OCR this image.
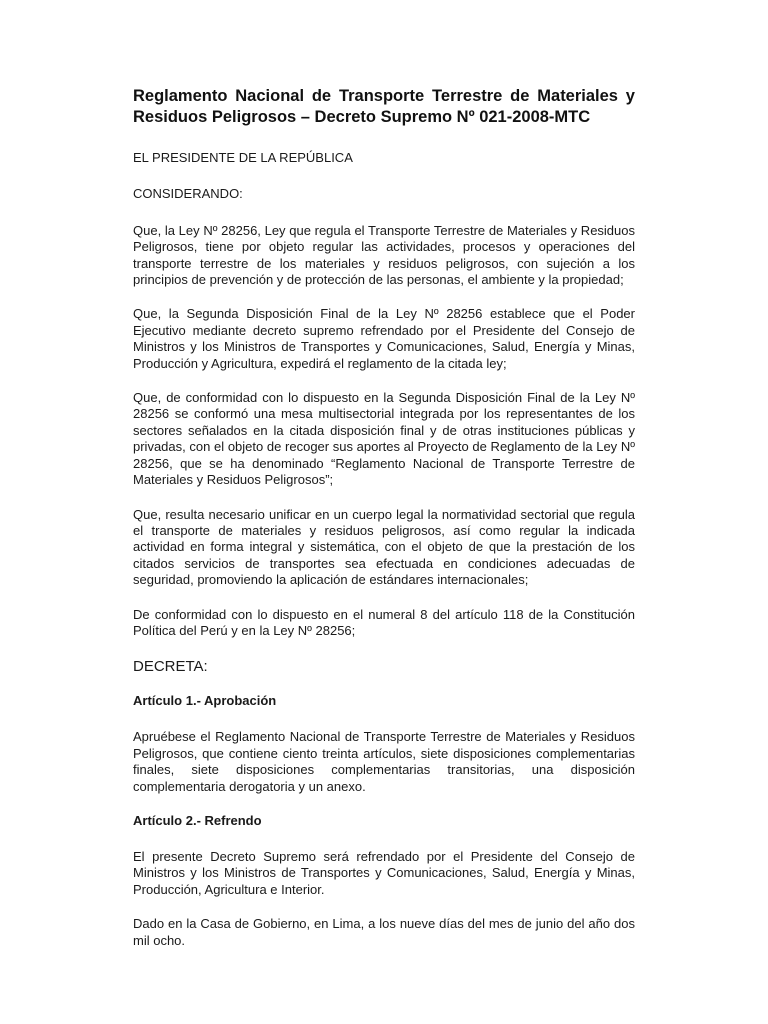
Reglamento Nacional de Transporte Terrestre de Materiales y Residuos Peligrosos – Decreto Supremo Nº 021-2008-MTC

EL PRESIDENTE DE LA REPÚBLICA

CONSIDERANDO:

Que, la Ley Nº 28256, Ley que regula el Transporte Terrestre de Materiales y Residuos Peligrosos, tiene por objeto regular las actividades, procesos y operaciones del transporte terrestre de los materiales y residuos peligrosos, con sujeción a los principios de prevención y de protección de las personas, el ambiente y la propiedad;

Que, la Segunda Disposición Final de la Ley Nº 28256 establece que el Poder Ejecutivo mediante decreto supremo refrendado por el Presidente del Consejo de Ministros y los Ministros de Transportes y Comunicaciones, Salud, Energía y Minas, Producción y Agricultura, expedirá el reglamento de la citada ley;

Que, de conformidad con lo dispuesto en la Segunda Disposición Final de la Ley Nº 28256 se conformó una mesa multisectorial integrada por los representantes de los sectores señalados en la citada disposición final y de otras instituciones públicas y privadas, con el objeto de recoger sus aportes al Proyecto de Reglamento de la Ley Nº 28256, que se ha denominado “Reglamento Nacional de Transporte Terrestre de Materiales y Residuos Peligrosos”;

Que, resulta necesario unificar en un cuerpo legal la normatividad sectorial que regula el transporte de materiales y residuos peligrosos, así como regular la indicada actividad en forma integral y sistemática, con el objeto de que la prestación de los citados servicios de transportes sea efectuada en condiciones adecuadas de seguridad, promoviendo la aplicación de estándares internacionales;

De conformidad con lo dispuesto en el numeral 8 del artículo 118 de la Constitución Política del Perú y en la Ley Nº 28256;

DECRETA:

Artículo 1.- Aprobación

Apruébese el Reglamento Nacional de Transporte Terrestre de Materiales y Residuos Peligrosos, que contiene ciento treinta artículos, siete disposiciones complementarias finales, siete disposiciones complementarias transitorias, una disposición complementaria derogatoria y un anexo.

Artículo 2.- Refrendo

El presente Decreto Supremo será refrendado por el Presidente del Consejo de Ministros y los Ministros de Transportes y Comunicaciones, Salud, Energía y Minas, Producción, Agricultura e Interior.

Dado en la Casa de Gobierno, en Lima, a los nueve días del mes de junio del año dos mil ocho.
